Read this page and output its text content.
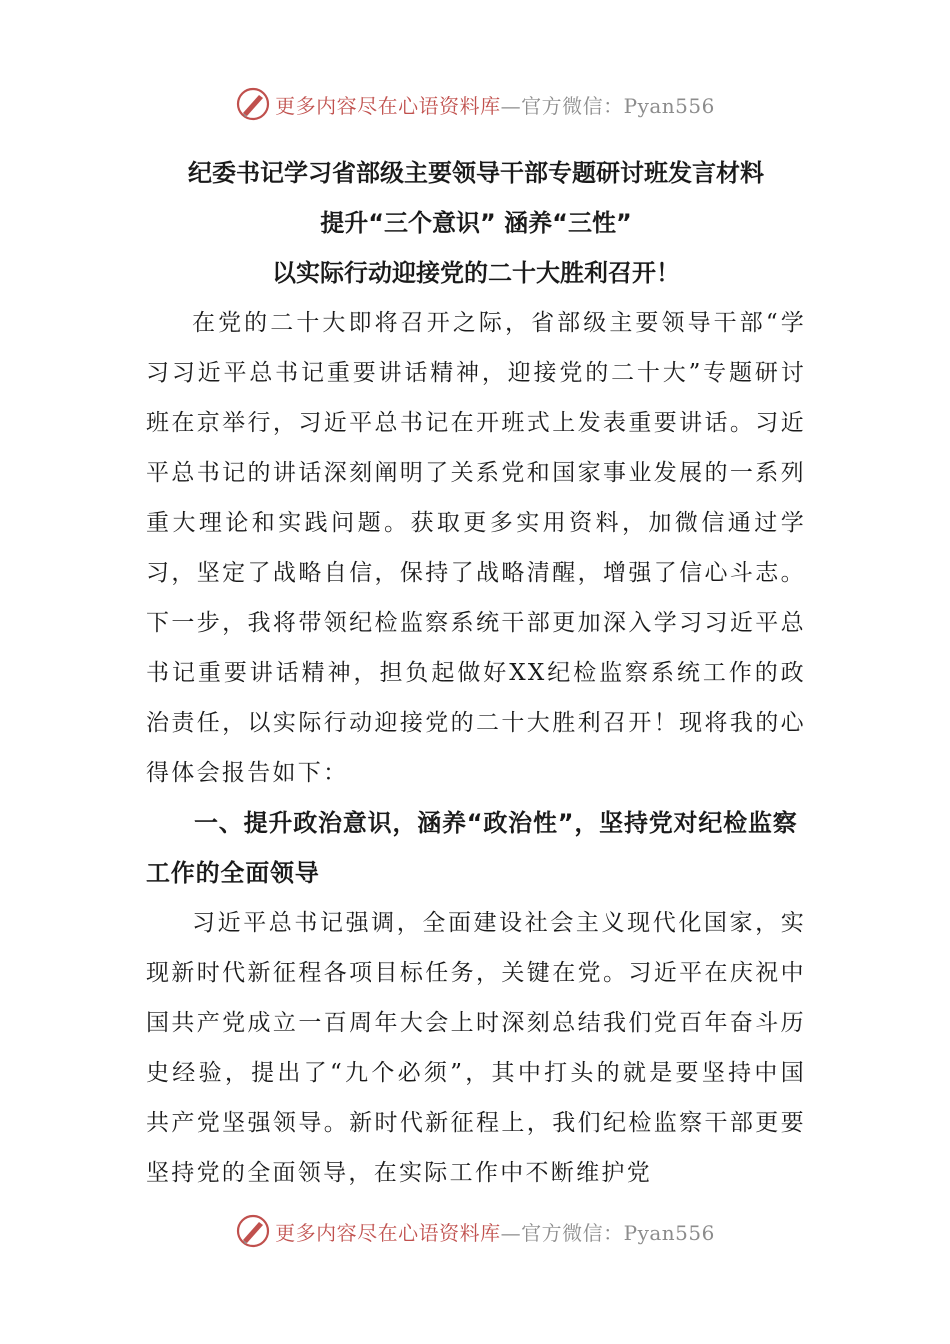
更多内容尽在心语资料库—官方微信：Pyan556

纪委书记学习省部级主要领导干部专题研讨班发言材料

提升“三个意识” 涵养“三性”

以实际行动迎接党的二十大胜利召开！

在党的二十大即将召开之际，省部级主要领导干部“学习习近平总书记重要讲话精神，迎接党的二十大”专题研讨班在京举行，习近平总书记在开班式上发表重要讲话。习近平总书记的讲话深刻阐明了关系党和国家事业发展的一系列重大理论和实践问题。获取更多实用资料，加微信通过学习，坚定了战略自信，保持了战略清醒，增强了信心斗志。下一步，我将带领纪检监察系统干部更加深入学习习近平总书记重要讲话精神，担负起做好XX纪检监察系统工作的政治责任，以实际行动迎接党的二十大胜利召开！现将我的心得体会报告如下：

一、提升政治意识，涵养“政治性”，坚持党对纪检监察工作的全面领导

习近平总书记强调，全面建设社会主义现代化国家，实现新时代新征程各项目标任务，关键在党。习近平在庆祝中国共产党成立一百周年大会上时深刻总结我们党百年奋斗历史经验，提出了“九个必须”，其中打头的就是要坚持中国共产党坚强领导。新时代新征程上，我们纪检监察干部更要坚持党的全面领导，在实际工作中不断维护党

更多内容尽在心语资料库—官方微信：Pyan556
